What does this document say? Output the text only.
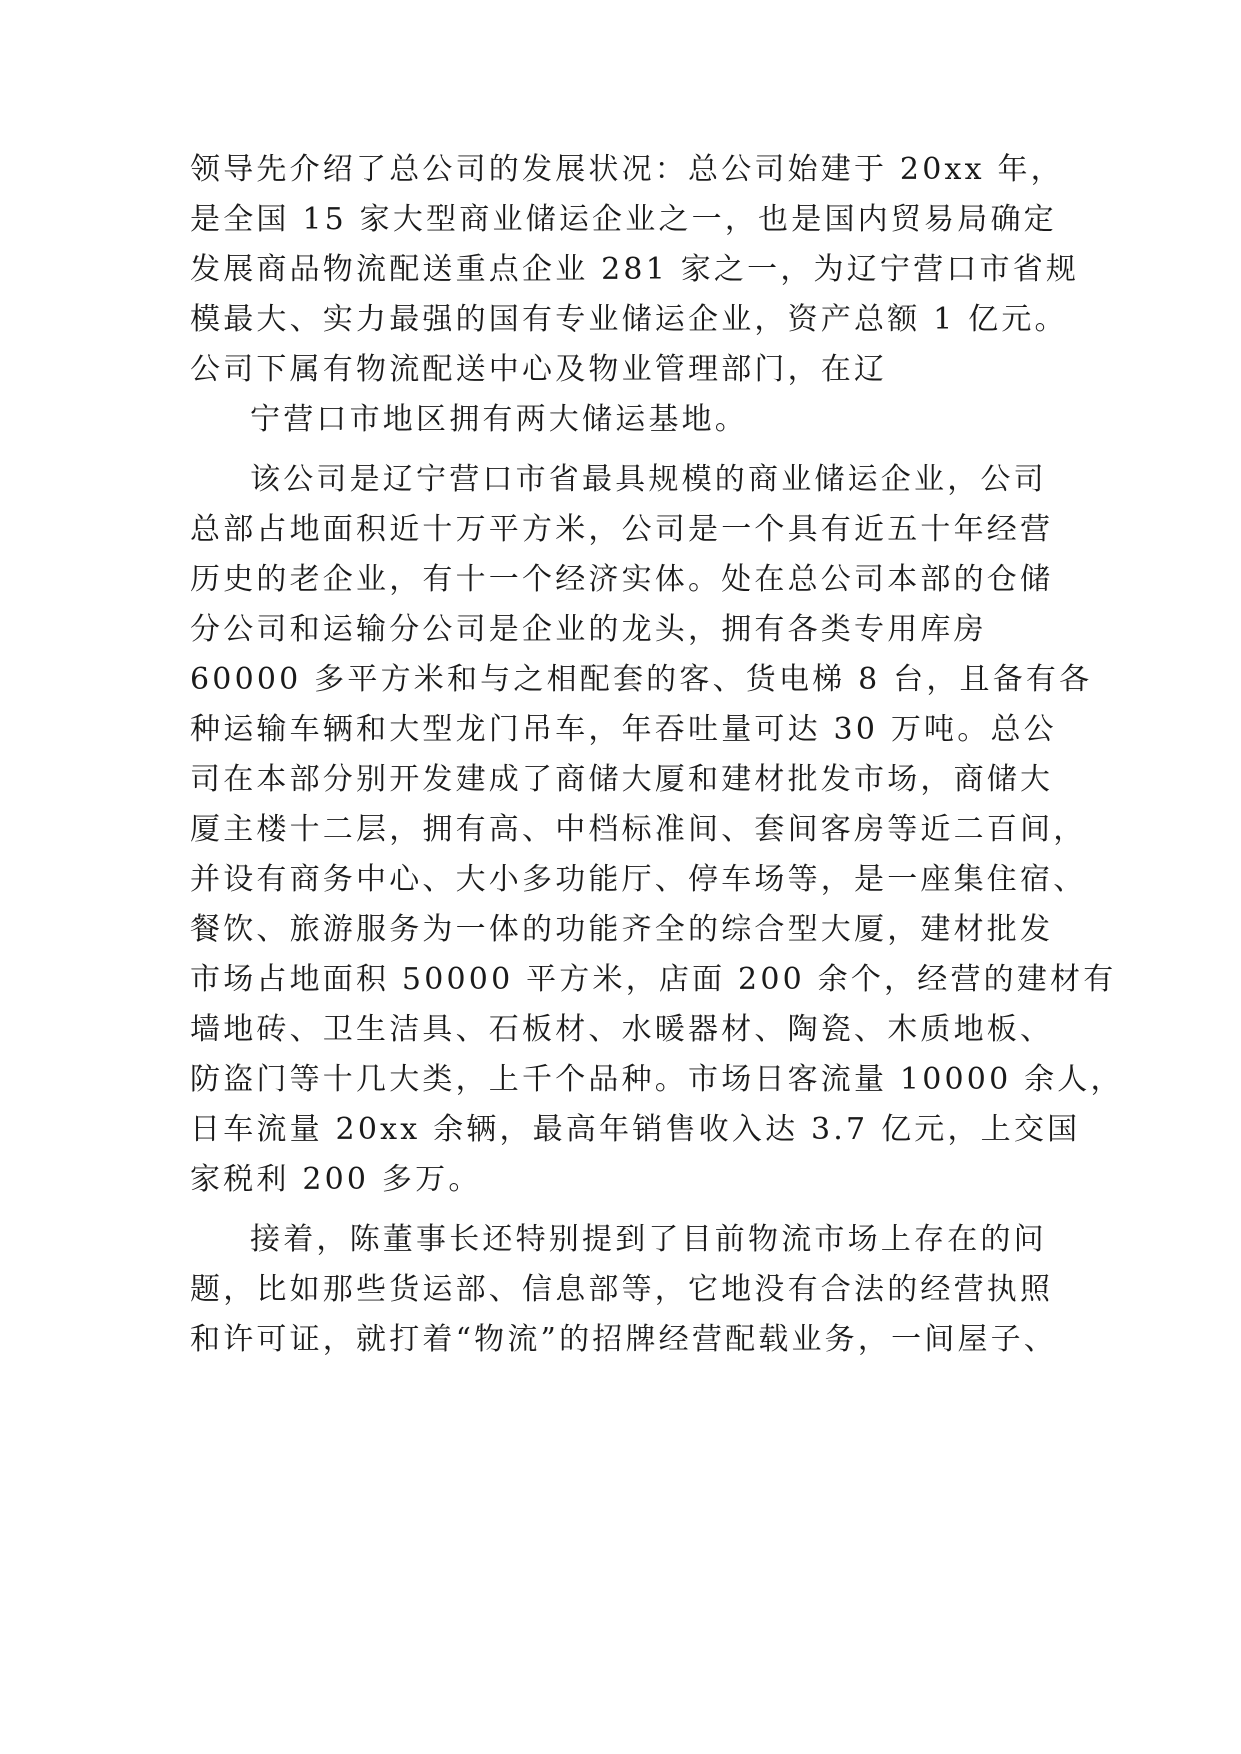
领导先介绍了总公司的发展状况：总公司始建于 20xx 年，
是全国 15 家大型商业储运企业之一，也是国内贸易局确定
发展商品物流配送重点企业 281 家之一，为辽宁营口市省规
模最大、实力最强的国有专业储运企业，资产总额 1 亿元。
公司下属有物流配送中心及物业管理部门，在辽
宁营口市地区拥有两大储运基地。
该公司是辽宁营口市省最具规模的商业储运企业，公司
总部占地面积近十万平方米，公司是一个具有近五十年经营
历史的老企业，有十一个经济实体。处在总公司本部的仓储
分公司和运输分公司是企业的龙头，拥有各类专用库房
60000 多平方米和与之相配套的客、货电梯 8 台，且备有各
种运输车辆和大型龙门吊车，年吞吐量可达 30 万吨。总公
司在本部分别开发建成了商储大厦和建材批发市场，商储大
厦主楼十二层，拥有高、中档标准间、套间客房等近二百间，
并设有商务中心、大小多功能厅、停车场等，是一座集住宿、
餐饮、旅游服务为一体的功能齐全的综合型大厦，建材批发
市场占地面积 50000 平方米，店面 200 余个，经营的建材有
墙地砖、卫生洁具、石板材、水暖器材、陶瓷、木质地板、
防盗门等十几大类，上千个品种。市场日客流量 10000 余人，
日车流量 20xx 余辆，最高年销售收入达 3.7 亿元，上交国
家税利 200 多万。
接着，陈董事长还特别提到了目前物流市场上存在的问
题，比如那些货运部、信息部等，它地没有合法的经营执照
和许可证，就打着“物流”的招牌经营配载业务，一间屋子、
